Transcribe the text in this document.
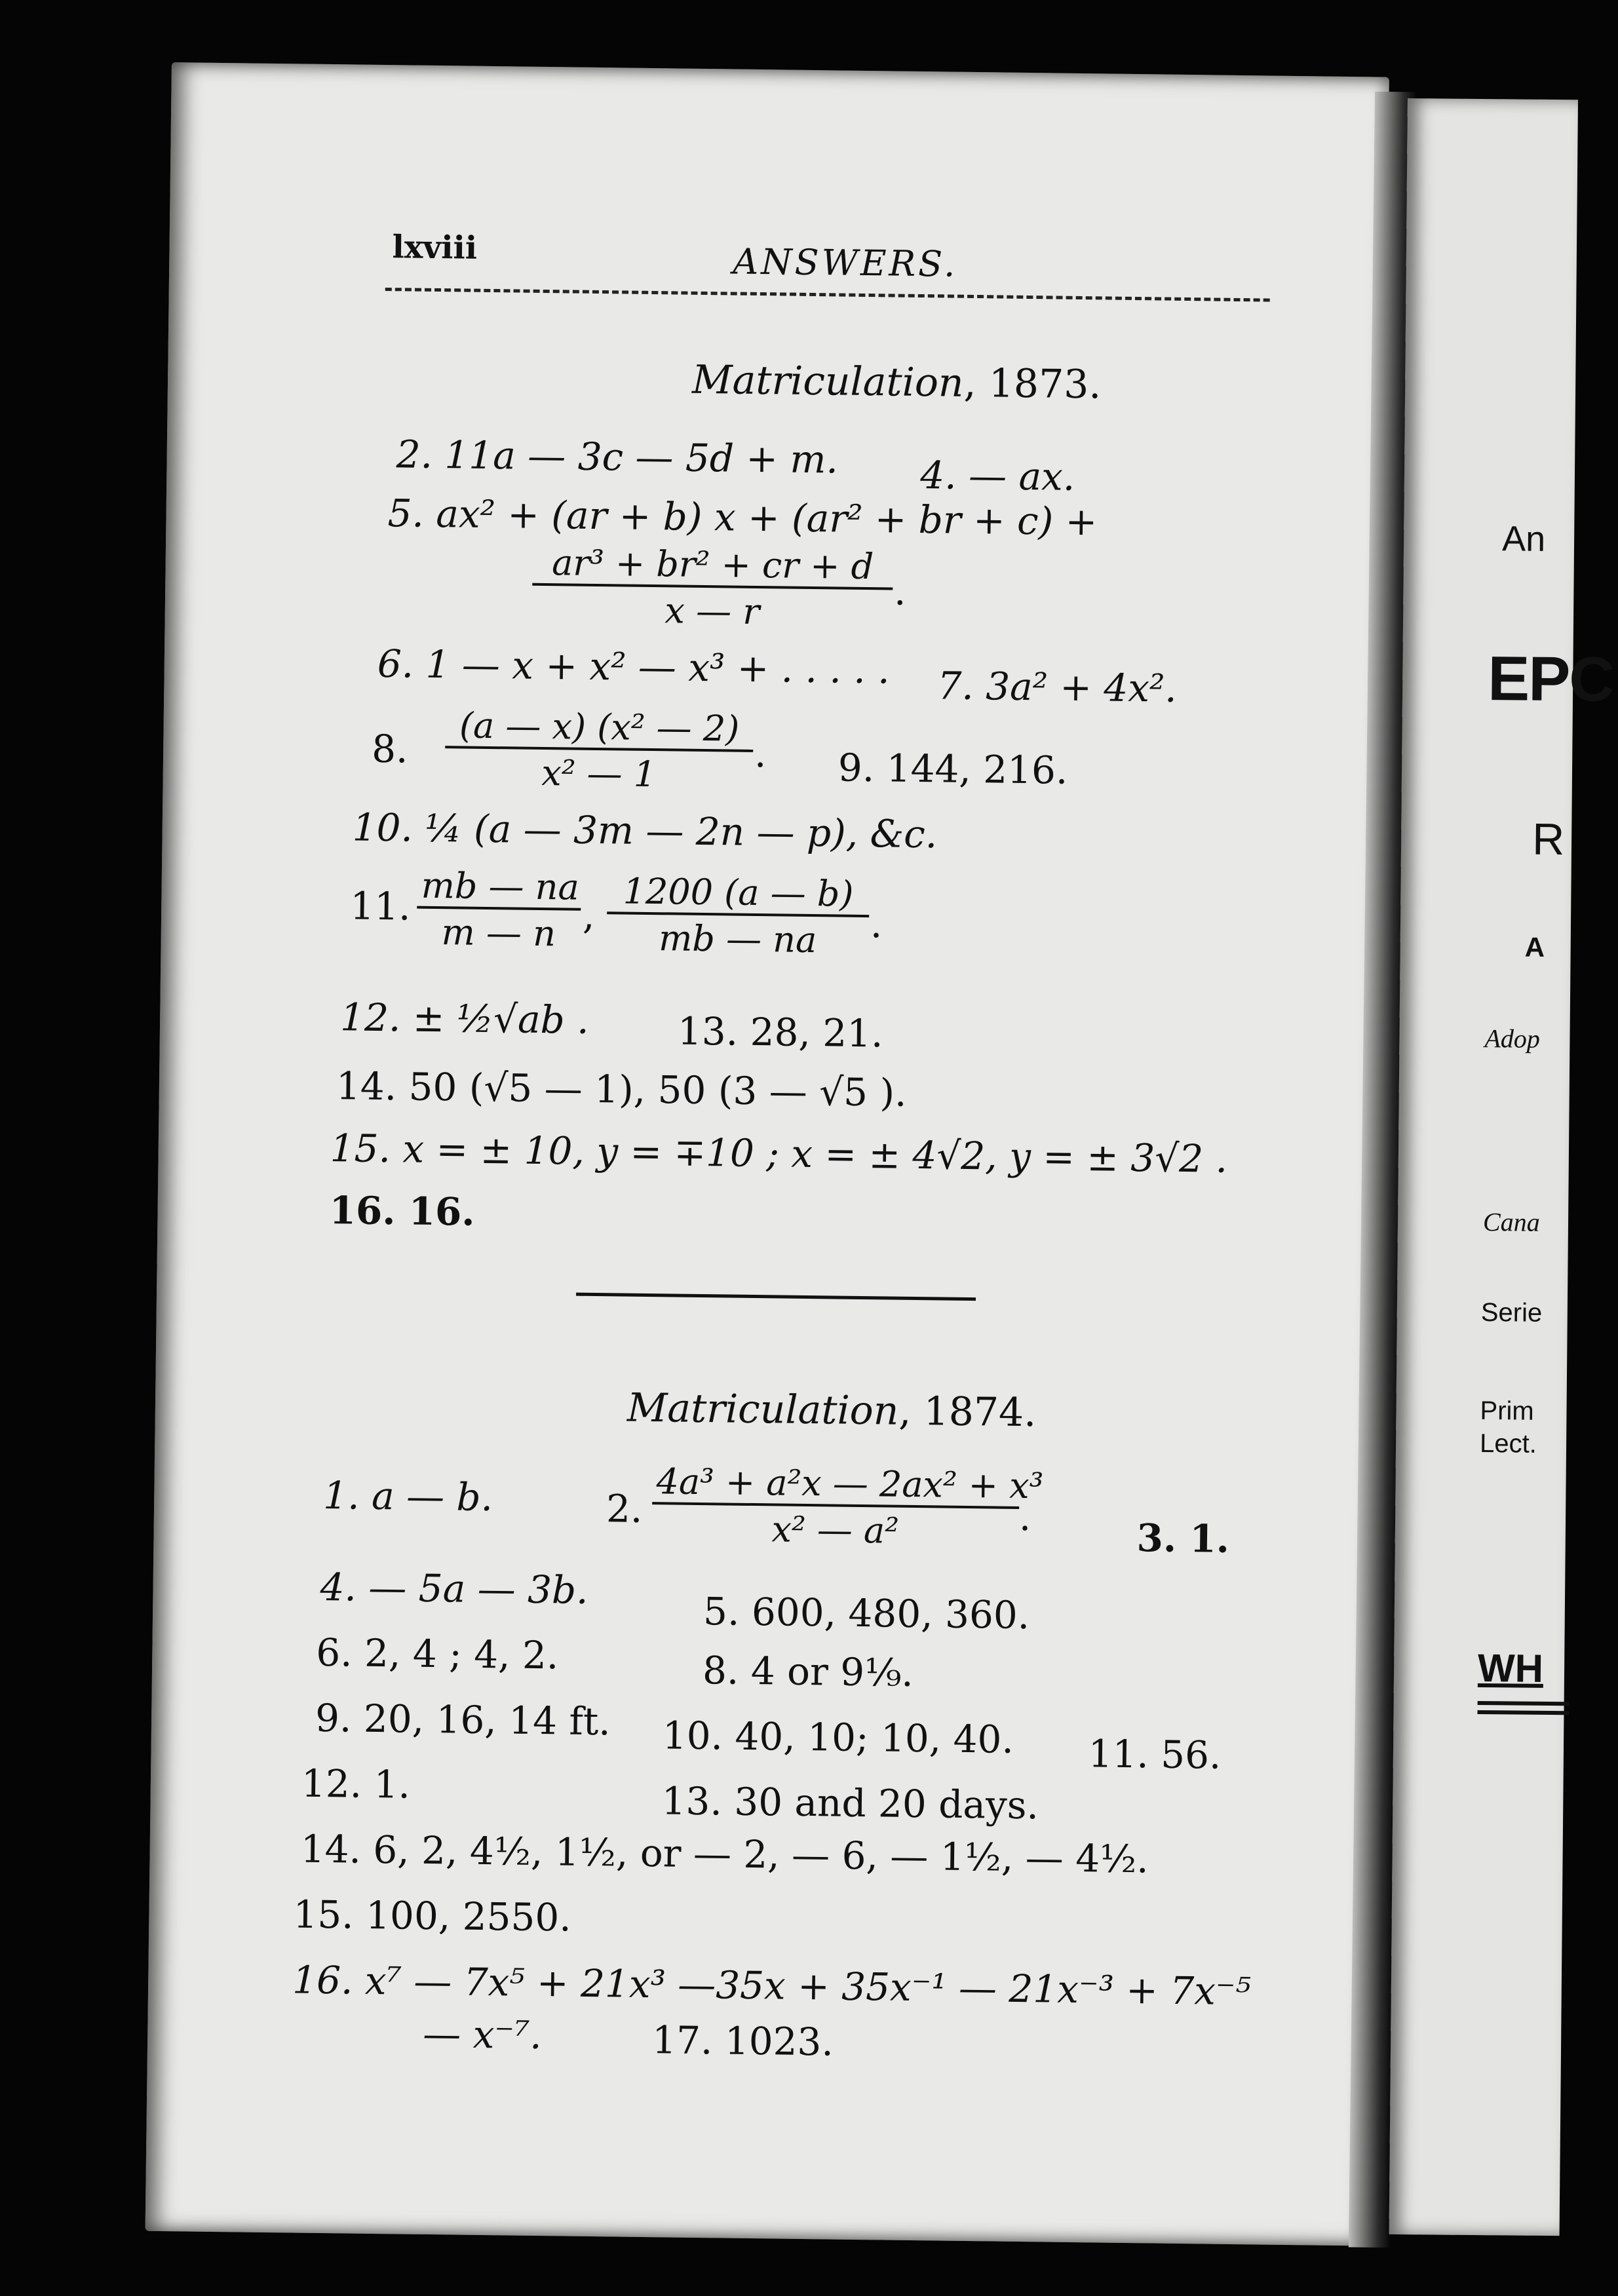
lxviii	ANSWERS.
Matriculation, 1873.
2. 11a — 3c — 5d + m. 4. — ax.
5. ax² + (ar + b) x + (ar² + br + c) +
$\frac{\text{ar³ + br² + cr + d}}{x — r}$ .
6. 1 — x + x² — x³ + . . . . . 7. 3a² + 4x².
8. $\frac{\text{(a — x) (x² — 2)}}{\text{x² — 1}}$ . 9. 144, 216.
10. ¼ (a — 3m — 2n — p), &c.
11. $\frac{mb — na}{m — n}$ , $\frac{1200 (a — b)}{mb — na}$ .
12. ± ½√ab . 13. 28, 21.
14. 50 (√5 — 1), 50 (3 — √5 ).
15. x = ± 10, y = ∓10 ; x = ± 4√2, y = ± 3√2 .
16. 16.
Matriculation, 1874.
1. a — b.	2. $\frac{\text{4a³ + a²x — 2ax² + x³}}{\text{x² — a²}}$
.	3. 1.
4. — 5a — 3b.
5. 600, 480, 360.
6. 2, 4 ; 4, 2.	8. 4 or 9⅑.
9. 20, 16, 14 ft. 10. 40, 10; 10, 40. 11. 56.
12. 1.	13. 30 and 20 days.
14. 6, 2, 4½, 1½, or — 2, — 6, — 1½, — 4½.
15. 100, 2550.
16. x⁷ — 7x⁵ + 21x³ —35x + 35x⁻¹ — 21x⁻³ + 7x⁻⁵
— x⁻⁷.	17. 1023.
An
EPC
R
A
Adop
Cana
Serie
Prim
Lect.
WH
